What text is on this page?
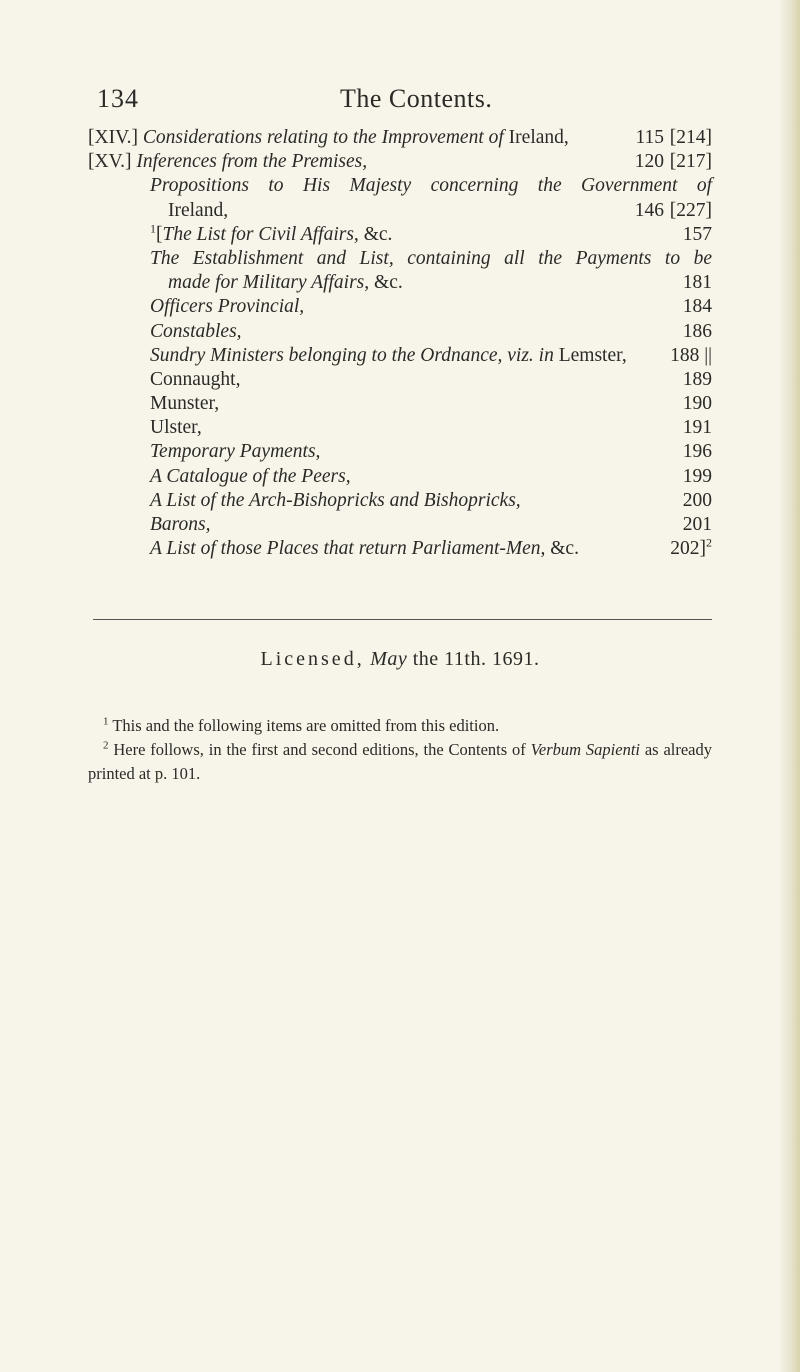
134	The Contents.
[XIV.] Considerations relating to the Improvement of Ireland,	115 [214]
[XV.] Inferences from the Premises,	120 [217]
Propositions to His Majesty concerning the Government of
Ireland,	146 [227]
$^1$[The List for Civil Affairs, &c.	157
The Establishment and List, containing all the Payments to be
made for Military Affairs, &c.	181
Officers Provincial,	184
Constables,	186
Sundry Ministers belonging to the Ordnance, viz. in Lemster, 188 ||
Connaught,	189
Munster,	190
Ulster,	191
Temporary Payments,	196
A Catalogue of the Peers,	199
A List of the Arch-Bishopricks and Bishopricks,	200
Barons,	201
A List of those Places that return Parliament-Men, &c.	202]$^2$
Licensed, May the 11th. 1691.

$^1$ This and the following items are omitted from this edition.

$^2$ Here follows, in the first and second editions, the Contents of Verbum Sapienti as already printed at p. 101.
